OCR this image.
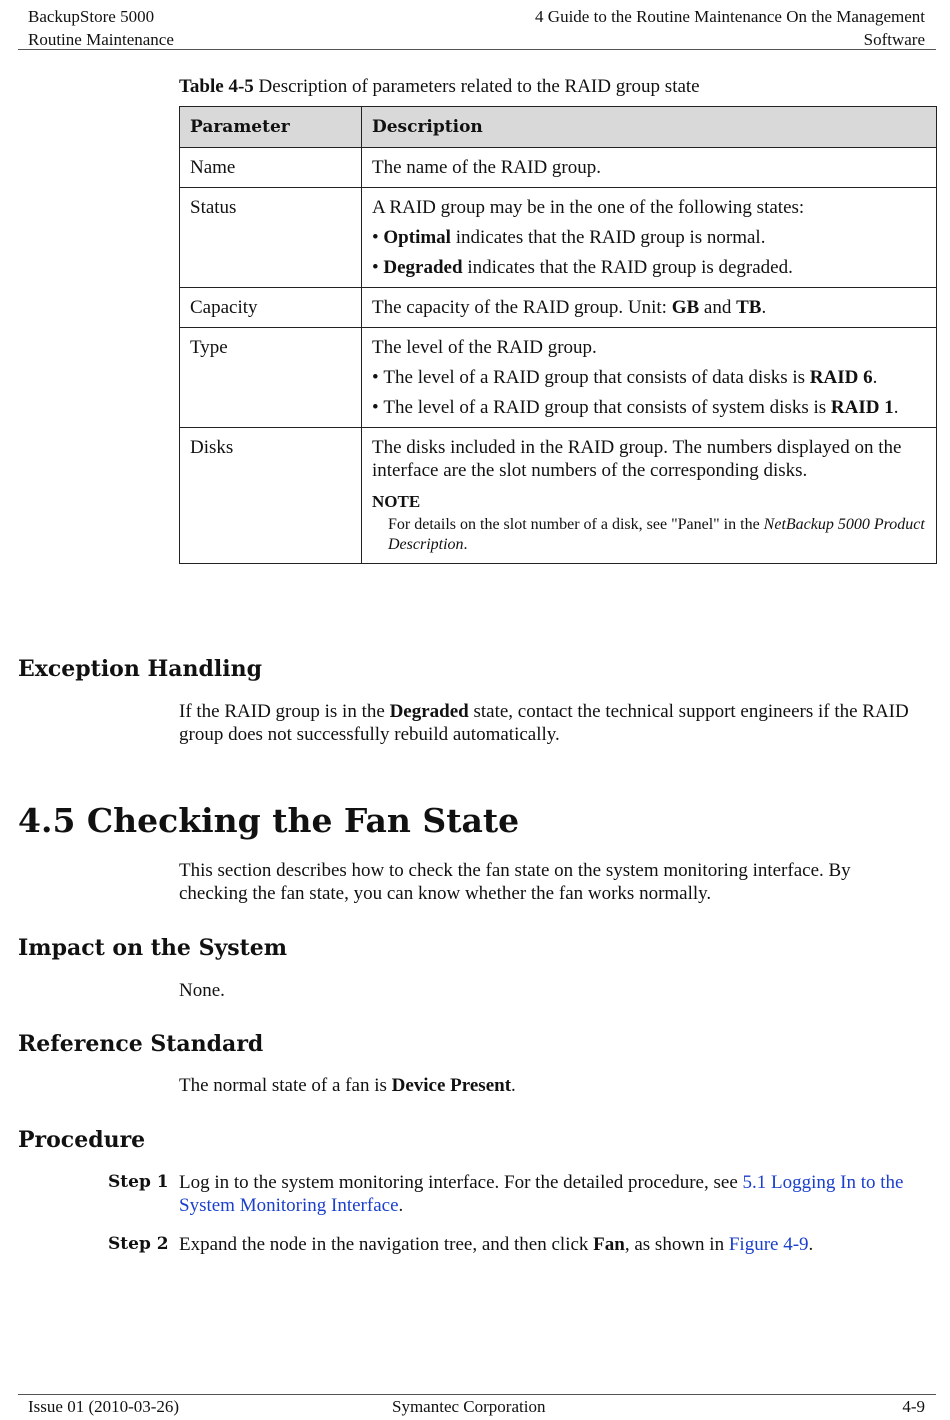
BackupStore 5000
Routine Maintenance
4 Guide to the Routine Maintenance On the Management
Software
Table 4-5 Description of parameters related to the RAID group state
Parameter	Description
Name	The name of the RAID group.
Status	A RAID group may be in the one of the following states:
• Optimal indicates that the RAID group is normal.
• Degraded indicates that the RAID group is degraded.

Capacity	The capacity of the RAID group. Unit: GB and TB.
Type	The level of the RAID group.
• The level of a RAID group that consists of data disks is RAID 6.
• The level of a RAID group that consists of system disks is RAID 1.

Disks	The disks included in the RAID group. The numbers displayed on the interface are the slot numbers of the corresponding disks.
NOTE
For details on the slot number of a disk, see "Panel" in the NetBackup 5000 Product Description.
Exception Handling
If the RAID group is in the Degraded state, contact the technical support engineers if the RAID group does not successfully rebuild automatically.
4.5 Checking the Fan State
This section describes how to check the fan state on the system monitoring interface. By checking the fan state, you can know whether the fan works normally.
Impact on the System
None.
Reference Standard
The normal state of a fan is Device Present.
Procedure
Step 1 Log in to the system monitoring interface. For the detailed procedure, see 5.1 Logging In to the System Monitoring Interface.
Step 2 Expand the node in the navigation tree, and then click Fan, as shown in Figure 4-9.
Issue 01 (2010-03-26)	Symantec Corporation	4-9
